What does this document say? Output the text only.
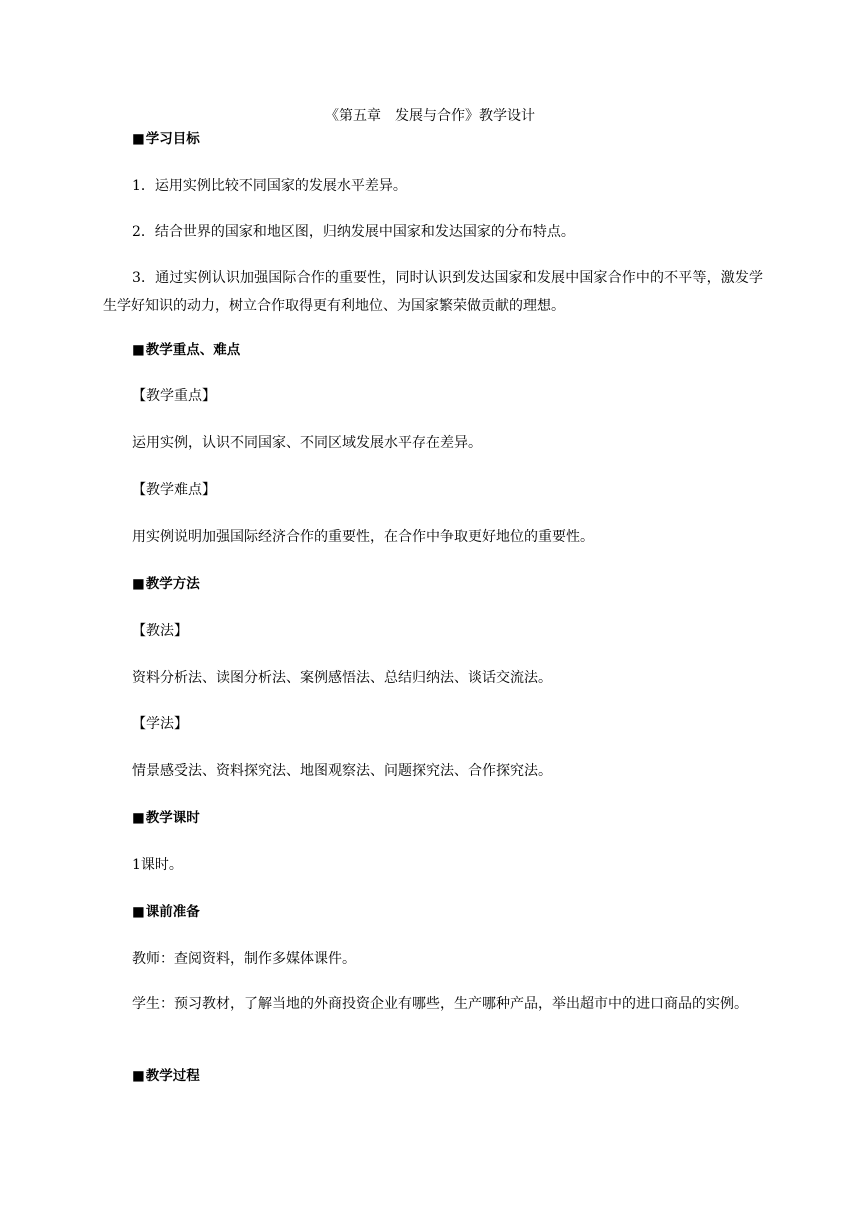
《第五章　发展与合作》教学设计
■学习目标
1．运用实例比较不同国家的发展水平差异。
2．结合世界的国家和地区图，归纳发展中国家和发达国家的分布特点。
3．通过实例认识加强国际合作的重要性，同时认识到发达国家和发展中国家合作中的不平等，激发学生学好知识的动力，树立合作取得更有利地位、为国家繁荣做贡献的理想。
■教学重点、难点
【教学重点】
运用实例，认识不同国家、不同区域发展水平存在差异。
【教学难点】
用实例说明加强国际经济合作的重要性，在合作中争取更好地位的重要性。
■教学方法
【教法】
资料分析法、读图分析法、案例感悟法、总结归纳法、谈话交流法。
【学法】
情景感受法、资料探究法、地图观察法、问题探究法、合作探究法。
■教学课时
1课时。
■课前准备
教师：查阅资料，制作多媒体课件。
学生：预习教材，了解当地的外商投资企业有哪些，生产哪种产品，举出超市中的进口商品的实例。
■教学过程
